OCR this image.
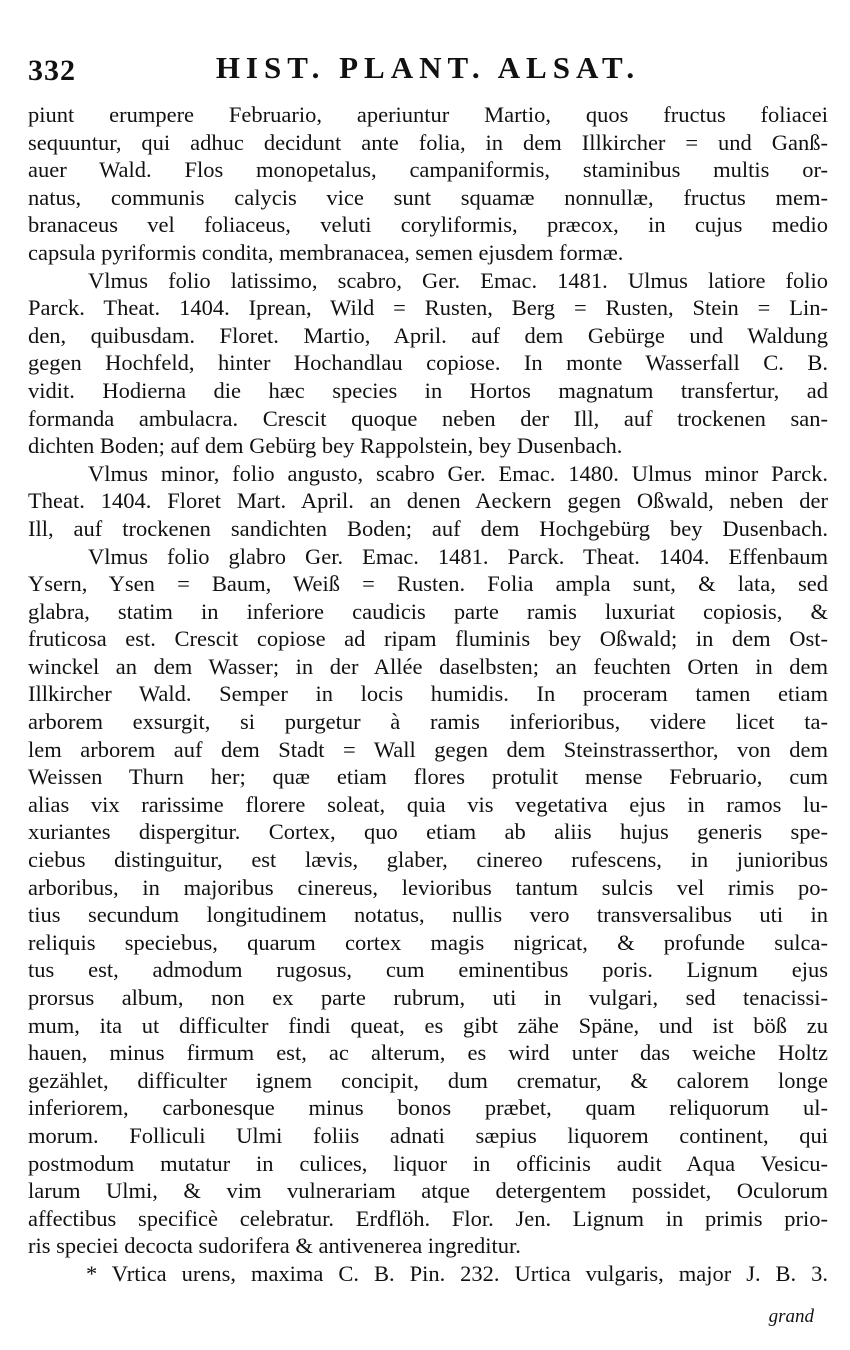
332	HIST. PLANT. ALSAT.
piunt erumpere Februario, aperiuntur Martio, quos fructus foliacei
sequuntur, qui adhuc decidunt ante folia, in dem Illkircher = und Ganß-
auer Wald. Flos monopetalus, campaniformis, staminibus multis or-
natus, communis calycis vice sunt squamæ nonnullæ, fructus mem-
branaceus vel foliaceus, veluti coryliformis, præcox, in cujus medio
capsula pyriformis condita, membranacea, semen ejusdem formæ.
Vlmus folio latissimo, scabro, Ger. Emac. 1481. Ulmus latiore folio
Parck. Theat. 1404. Iprean, Wild = Rusten, Berg = Rusten, Stein = Lin-
den, quibusdam. Floret. Martio, April. auf dem Gebürge und Waldung
gegen Hochfeld, hinter Hochandlau copiose. In monte Wasserfall C. B.
vidit. Hodierna die hæc species in Hortos magnatum transfertur, ad
formanda ambulacra. Crescit quoque neben der Ill, auf trockenen san-
dichten Boden; auf dem Gebürg bey Rappolstein, bey Dusenbach.
Vlmus minor, folio angusto, scabro Ger. Emac. 1480. Ulmus minor Parck.
Theat. 1404. Floret Mart. April. an denen Aeckern gegen Oßwald, neben der
Ill, auf trockenen sandichten Boden; auf dem Hochgebürg bey Dusenbach.
Vlmus folio glabro Ger. Emac. 1481. Parck. Theat. 1404. Effenbaum
Ysern, Ysen = Baum, Weiß = Rusten. Folia ampla sunt, & lata, sed
glabra, statim in inferiore caudicis parte ramis luxuriat copiosis, &
fruticosa est. Crescit copiose ad ripam fluminis bey Oßwald; in dem Ost-
winckel an dem Wasser; in der Allée daselbsten; an feuchten Orten in dem
Illkircher Wald. Semper in locis humidis. In proceram tamen etiam
arborem exsurgit, si purgetur à ramis inferioribus, videre licet ta-
lem arborem auf dem Stadt = Wall gegen dem Steinstrasserthor, von dem
Weissen Thurn her; quæ etiam flores protulit mense Februario, cum
alias vix rarissime florere soleat, quia vis vegetativa ejus in ramos lu-
xuriantes dispergitur. Cortex, quo etiam ab aliis hujus generis spe-
ciebus distinguitur, est lævis, glaber, cinereo rufescens, in junioribus
arboribus, in majoribus cinereus, levioribus tantum sulcis vel rimis po-
tius secundum longitudinem notatus, nullis vero transversalibus uti in
reliquis speciebus, quarum cortex magis nigricat, & profunde sulca-
tus est, admodum rugosus, cum eminentibus poris. Lignum ejus
prorsus album, non ex parte rubrum, uti in vulgari, sed tenacissi-
mum, ita ut difficulter findi queat, es gibt zähe Späne, und ist böß zu
hauen, minus firmum est, ac alterum, es wird unter das weiche Holtz
gezählet, difficulter ignem concipit, dum crematur, & calorem longe
inferiorem, carbonesque minus bonos præbet, quam reliquorum ul-
morum. Folliculi Ulmi foliis adnati sæpius liquorem continent, qui
postmodum mutatur in culices, liquor in officinis audit Aqua Vesicu-
larum Ulmi, & vim vulnerariam atque detergentem possidet, Oculorum
affectibus specificè celebratur. Erdflöh. Flor. Jen. Lignum in primis prio-
ris speciei decocta sudorifera & antivenerea ingreditur.
* Vrtica urens, maxima C. B. Pin. 232. Urtica vulgaris, major J. B. 3.
grand
